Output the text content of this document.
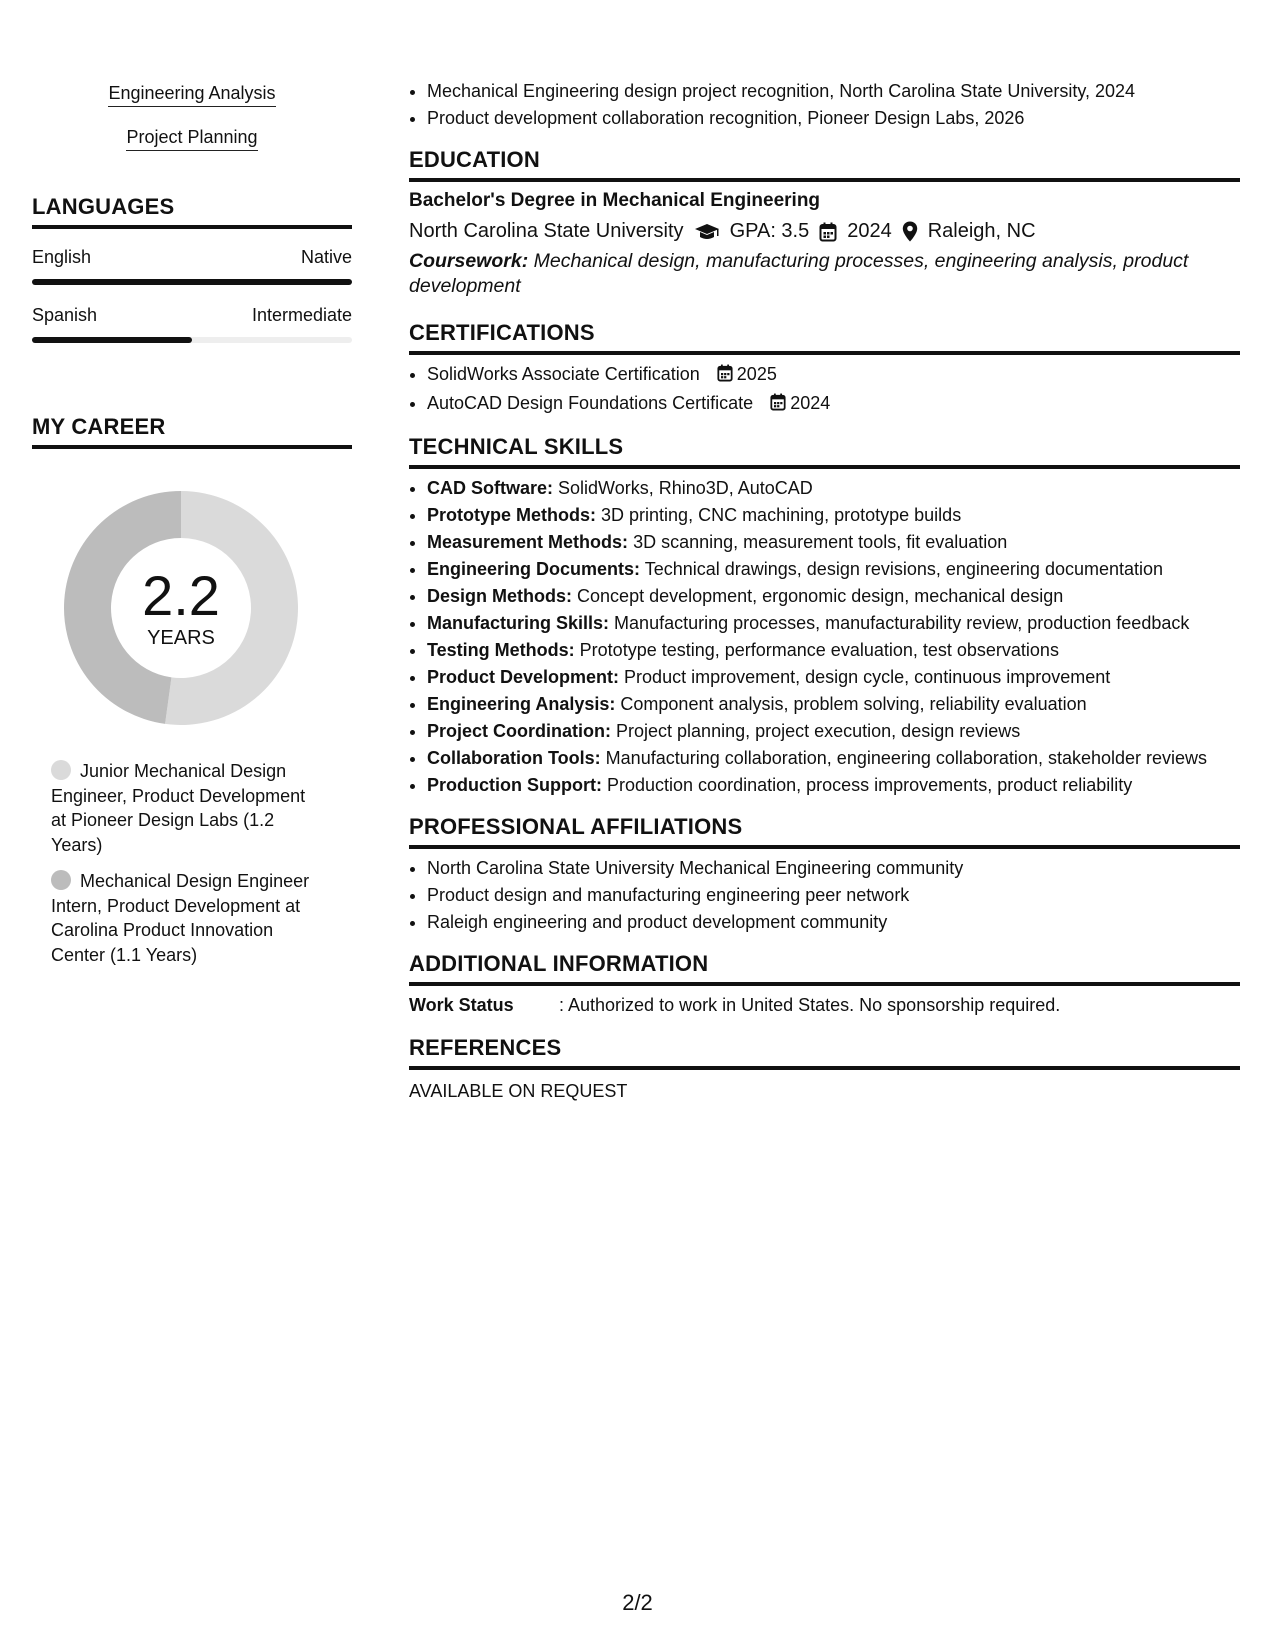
Engineering Analysis
Project Planning
LANGUAGES
English	Native
Spanish	Intermediate
MY CAREER
2.2
YEARS
Junior Mechanical Design Engineer, Product Development at Pioneer Design Labs (1.2 Years)
Mechanical Design Engineer Intern, Product Development at Carolina Product Innovation Center (1.1 Years)
• Mechanical Engineering design project recognition, North Carolina State University, 2024
• Product development collaboration recognition, Pioneer Design Labs, 2026
EDUCATION
Bachelor's Degree in Mechanical Engineering
North Carolina State University GPA: 3.5 2024 Raleigh, NC
Coursework: Mechanical design, manufacturing processes, engineering analysis, product development
CERTIFICATIONS
• SolidWorks Associate Certification 2025
• AutoCAD Design Foundations Certificate 2024
TECHNICAL SKILLS
• CAD Software: SolidWorks, Rhino3D, AutoCAD
• Prototype Methods: 3D printing, CNC machining, prototype builds
• Measurement Methods: 3D scanning, measurement tools, fit evaluation
• Engineering Documents: Technical drawings, design revisions, engineering documentation
• Design Methods: Concept development, ergonomic design, mechanical design
• Manufacturing Skills: Manufacturing processes, manufacturability review, production feedback
• Testing Methods: Prototype testing, performance evaluation, test observations
• Product Development: Product improvement, design cycle, continuous improvement
• Engineering Analysis: Component analysis, problem solving, reliability evaluation
• Project Coordination: Project planning, project execution, design reviews
• Collaboration Tools: Manufacturing collaboration, engineering collaboration, stakeholder reviews
• Production Support: Production coordination, process improvements, product reliability
PROFESSIONAL AFFILIATIONS
• North Carolina State University Mechanical Engineering community
• Product design and manufacturing engineering peer network
• Raleigh engineering and product development community
ADDITIONAL INFORMATION
Work Status	: Authorized to work in United States. No sponsorship required.
REFERENCES
AVAILABLE ON REQUEST
2/2
